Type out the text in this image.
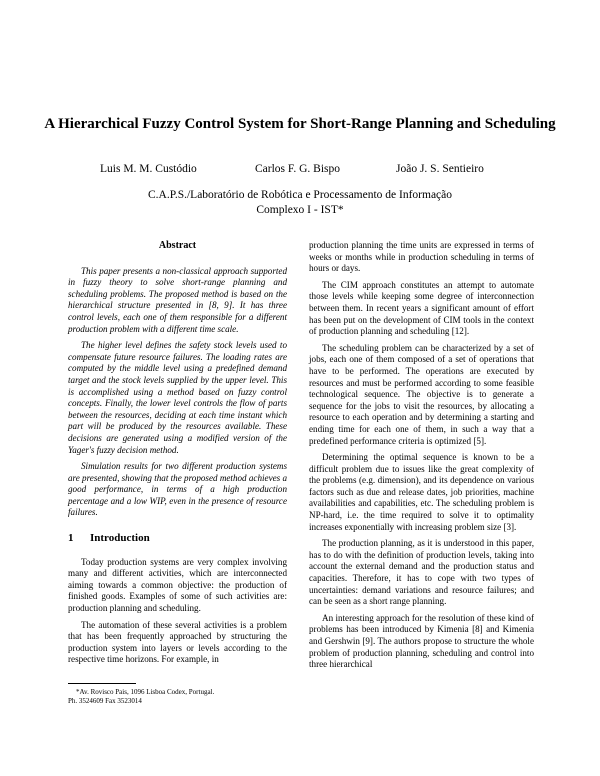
A Hierarchical Fuzzy Control System for Short-Range Planning and Scheduling
Luis M. M. Custódio	Carlos F. G. Bispo	João J. S. Sentieiro
C.A.P.S./Laboratório de Robótica e Processamento de Informação
Complexo I - IST*
Abstract

This paper presents a non-classical approach supported in fuzzy theory to solve short-range planning and scheduling problems. The proposed method is based on the hierarchical structure presented in [8, 9]. It has three control levels, each one of them responsible for a different production problem with a different time scale.

The higher level defines the safety stock levels used to compensate future resource failures. The loading rates are computed by the middle level using a predefined demand target and the stock levels supplied by the upper level. This is accomplished using a method based on fuzzy control concepts. Finally, the lower level controls the flow of parts between the resources, deciding at each time instant which part will be produced by the resources available. These decisions are generated using a modified version of the Yager's fuzzy decision method.

Simulation results for two different production systems are presented, showing that the proposed method achieves a good performance, in terms of a high production percentage and a low WIP, even in the presence of resource failures.

1 Introduction

Today production systems are very complex involving many and different activities, which are interconnected aiming towards a common objective: the production of finished goods. Examples of some of such activities are: production planning and scheduling.

The automation of these several activities is a problem that has been frequently approached by structuring the production system into layers or levels according to the respective time horizons. For example, in

*Av. Rovisco Pais, 1096 Lisboa Codex, Portugal.
Ph. 3524609 Fax 3523014

production planning the time units are expressed in terms of weeks or months while in production scheduling in terms of hours or days.

The CIM approach constitutes an attempt to automate those levels while keeping some degree of interconnection between them. In recent years a significant amount of effort has been put on the development of CIM tools in the context of production planning and scheduling [12].

The scheduling problem can be characterized by a set of jobs, each one of them composed of a set of operations that have to be performed. The operations are executed by resources and must be performed according to some feasible technological sequence. The objective is to generate a sequence for the jobs to visit the resources, by allocating a resource to each operation and by determining a starting and ending time for each one of them, in such a way that a predefined performance criteria is optimized [5].

Determining the optimal sequence is known to be a difficult problem due to issues like the great complexity of the problems (e.g. dimension), and its dependence on various factors such as due and release dates, job priorities, machine availabilities and capabilities, etc. The scheduling problem is NP-hard, i.e. the time required to solve it to optimality increases exponentially with increasing problem size [3].

The production planning, as it is understood in this paper, has to do with the definition of production levels, taking into account the external demand and the production status and capacities. Therefore, it has to cope with two types of uncertainties: demand variations and resource failures; and can be seen as a short range planning.

An interesting approach for the resolution of these kind of problems has been introduced by Kimenia [8] and Kimenia and Gershwin [9]. The authors propose to structure the whole problem of production planning, scheduling and control into three hierarchical
